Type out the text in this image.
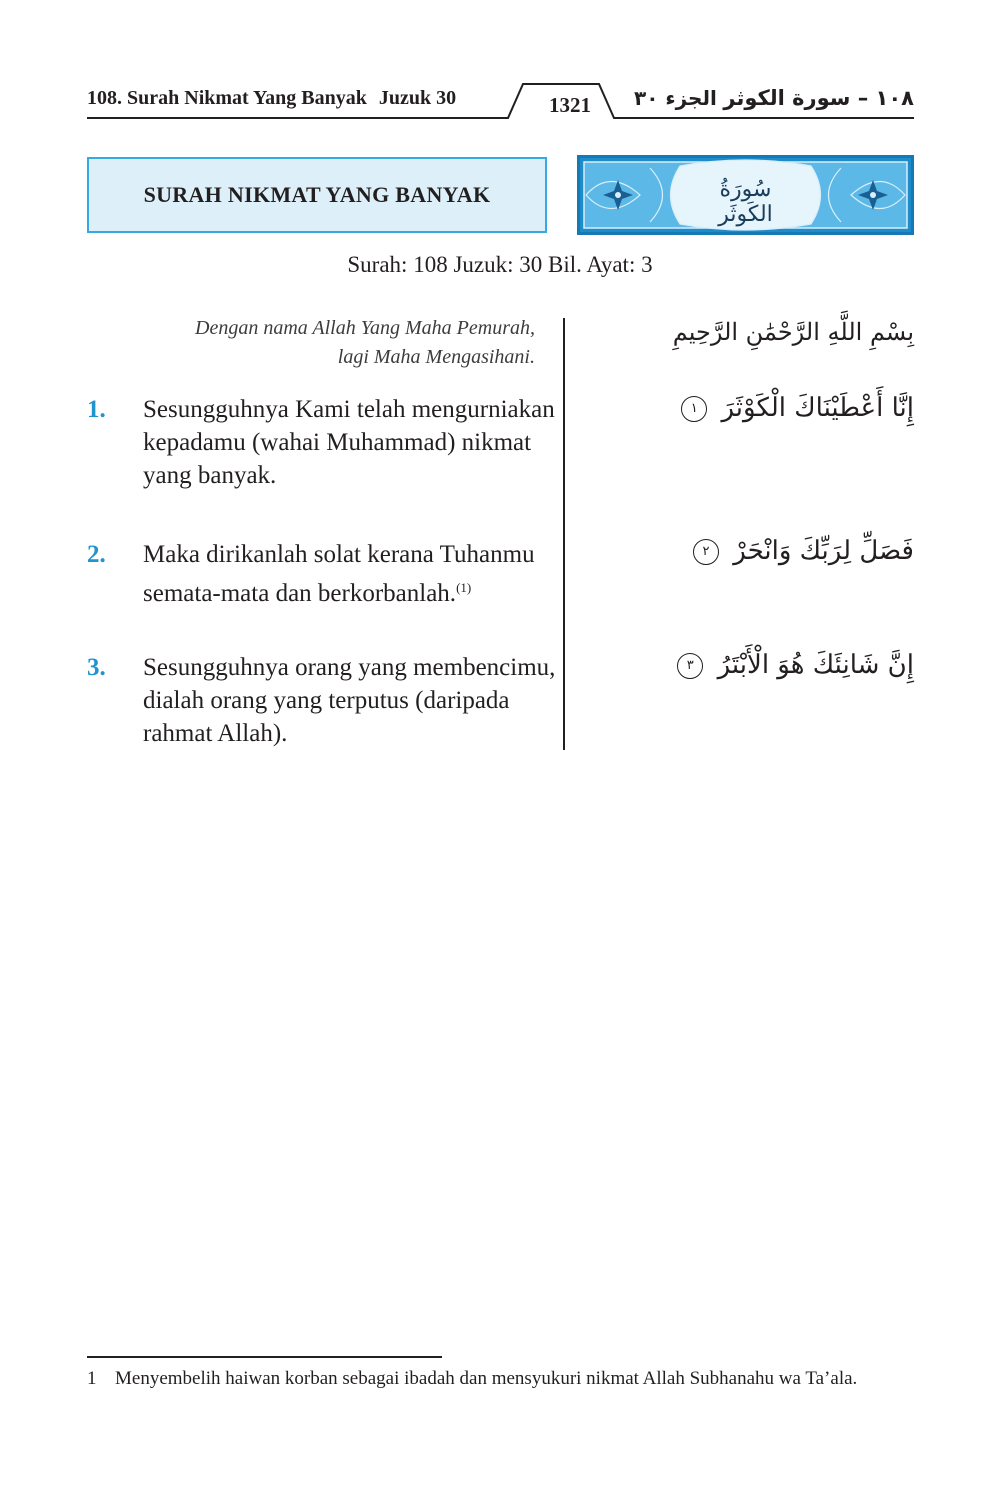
108. Surah Nikmat Yang Banyak Juzuk 30	1321	الجزء ٣٠ ١٠٨ – سورة الكوثر
SURAH NIKMAT YANG BANYAK	سُورَةُ الكَوثَر
Surah: 108 Juzuk: 30 Bil. Ayat: 3
Dengan nama Allah Yang Maha Pemurah,
lagi Maha Mengasihani.
بِسْمِ اللَّهِ الرَّحْمَٰنِ الرَّحِيمِ
1. Sesungguhnya Kami telah mengurniakan kepadamu (wahai Muhammad) nikmat yang banyak.
إِنَّا أَعْطَيْنَاكَ الْكَوْثَرَ ١
2. Maka dirikanlah solat kerana Tuhanmu semata-mata dan berkorbanlah.$^{(1)}$
فَصَلِّ لِرَبِّكَ وَانْحَرْ ٢
3. Sesungguhnya orang yang membencimu, dialah orang yang terputus (daripada rahmat Allah).
إِنَّ شَانِئَكَ هُوَ الْأَبْتَرُ ٣
1 Menyembelih haiwan korban sebagai ibadah dan mensyukuri nikmat Allah Subhanahu wa Ta’ala.
